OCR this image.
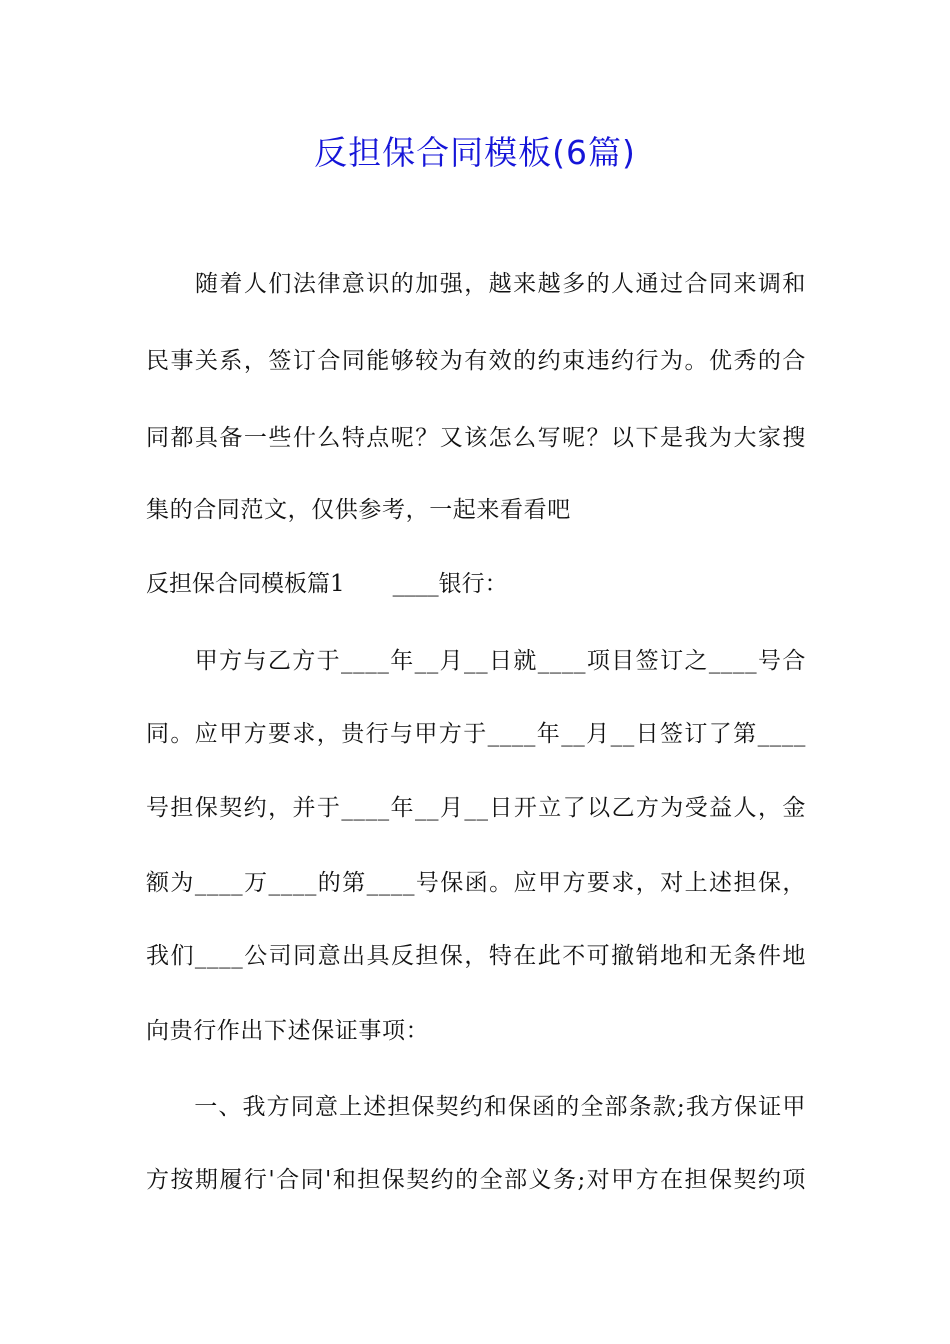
反担保合同模板(6篇)
　　随着人们法律意识的加强，越来越多的人通过合同来调和
民事关系，签订合同能够较为有效的约束违约行为。优秀的合
同都具备一些什么特点呢？又该怎么写呢？以下是我为大家搜
集的合同范文，仅供参考，一起来看看吧
反担保合同模板篇1 ____银行：
　　甲方与乙方于____年__月__日就____项目签订之____号合
同。应甲方要求，贵行与甲方于____年__月__日签订了第____
号担保契约，并于____年__月__日开立了以乙方为受益人，金
额为____万____的第____号保函。应甲方要求，对上述担保，
我们____公司同意出具反担保，特在此不可撤销地和无条件地
向贵行作出下述保证事项：
　　一、我方同意上述担保契约和保函的全部条款;我方保证甲
方按期履行'合同'和担保契约的全部义务;对甲方在担保契约项
